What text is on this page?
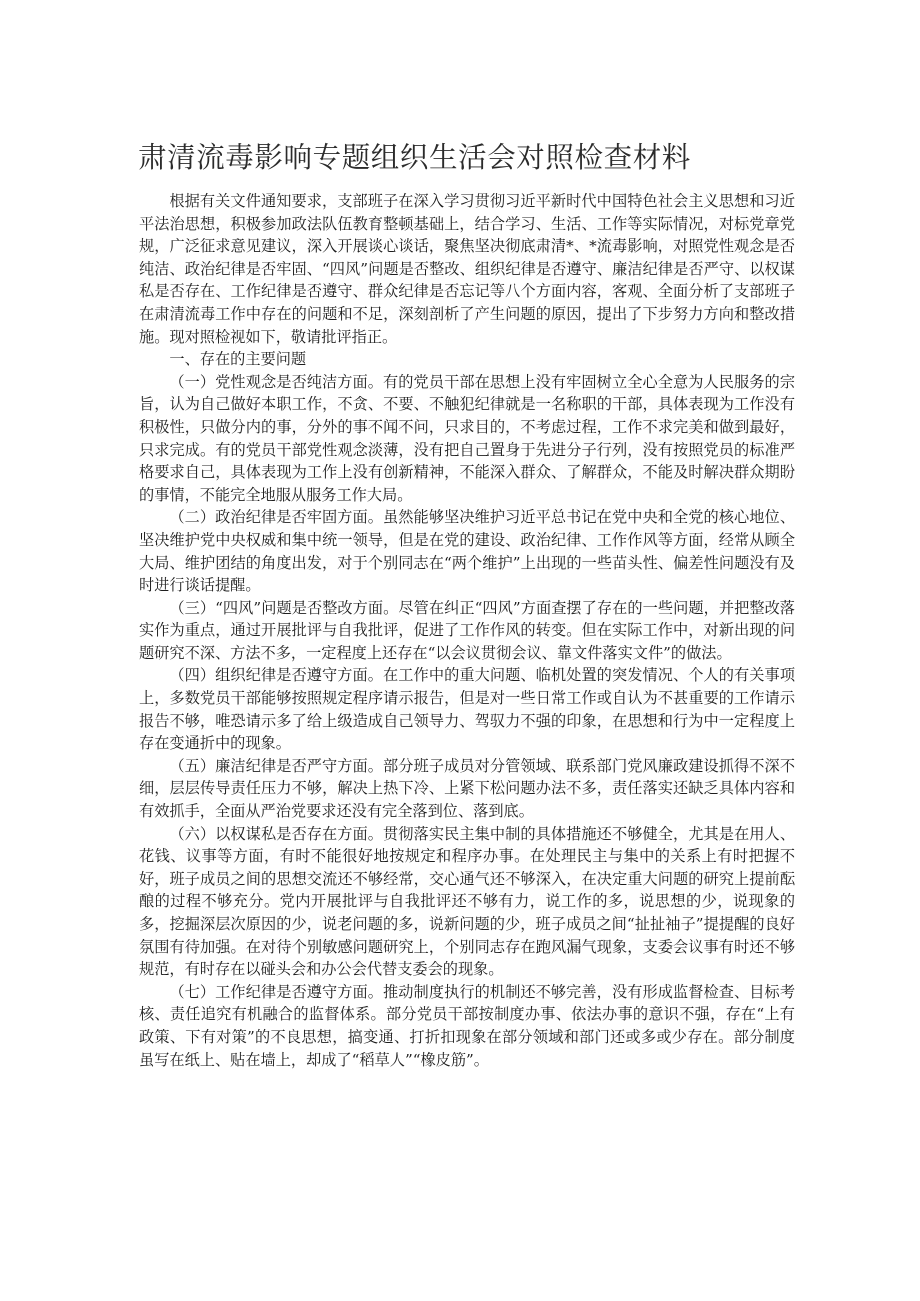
肃清流毒影响专题组织生活会对照检查材料

根据有关文件通知要求，支部班子在深入学习贯彻习近平新时代中国特色社会主义思想和习近平法治思想，积极参加政法队伍教育整顿基础上，结合学习、生活、工作等实际情况，对标党章党规，广泛征求意见建议，深入开展谈心谈话，聚焦坚决彻底肃清*、*流毒影响，对照党性观念是否纯洁、政治纪律是否牢固、“四风”问题是否整改、组织纪律是否遵守、廉洁纪律是否严守、以权谋私是否存在、工作纪律是否遵守、群众纪律是否忘记等八个方面内容，客观、全面分析了支部班子在肃清流毒工作中存在的问题和不足，深刻剖析了产生问题的原因，提出了下步努力方向和整改措施。现对照检视如下，敬请批评指正。

一、存在的主要问题

（一）党性观念是否纯洁方面。有的党员干部在思想上没有牢固树立全心全意为人民服务的宗旨，认为自己做好本职工作，不贪、不要、不触犯纪律就是一名称职的干部，具体表现为工作没有积极性，只做分内的事，分外的事不闻不问，只求目的，不考虑过程，工作不求完美和做到最好，只求完成。有的党员干部党性观念淡薄，没有把自己置身于先进分子行列，没有按照党员的标准严格要求自己，具体表现为工作上没有创新精神，不能深入群众、了解群众，不能及时解决群众期盼的事情，不能完全地服从服务工作大局。

（二）政治纪律是否牢固方面。虽然能够坚决维护习近平总书记在党中央和全党的核心地位、坚决维护党中央权威和集中统一领导，但是在党的建设、政治纪律、工作作风等方面，经常从顾全大局、维护团结的角度出发，对于个别同志在“两个维护”上出现的一些苗头性、偏差性问题没有及时进行谈话提醒。

（三）“四风”问题是否整改方面。尽管在纠正“四风”方面查摆了存在的一些问题，并把整改落实作为重点，通过开展批评与自我批评，促进了工作作风的转变。但在实际工作中，对新出现的问题研究不深、方法不多，一定程度上还存在“以会议贯彻会议、靠文件落实文件”的做法。

（四）组织纪律是否遵守方面。在工作中的重大问题、临机处置的突发情况、个人的有关事项上，多数党员干部能够按照规定程序请示报告，但是对一些日常工作或自认为不甚重要的工作请示报告不够，唯恐请示多了给上级造成自己领导力、驾驭力不强的印象，在思想和行为中一定程度上存在变通折中的现象。

（五）廉洁纪律是否严守方面。部分班子成员对分管领域、联系部门党风廉政建设抓得不深不细，层层传导责任压力不够，解决上热下冷、上紧下松问题办法不多，责任落实还缺乏具体内容和有效抓手，全面从严治党要求还没有完全落到位、落到底。

（六）以权谋私是否存在方面。贯彻落实民主集中制的具体措施还不够健全，尤其是在用人、花钱、议事等方面，有时不能很好地按规定和程序办事。在处理民主与集中的关系上有时把握不好，班子成员之间的思想交流还不够经常，交心通气还不够深入，在决定重大问题的研究上提前酝酿的过程不够充分。党内开展批评与自我批评还不够有力，说工作的多，说思想的少，说现象的多，挖掘深层次原因的少，说老问题的多，说新问题的少，班子成员之间“扯扯袖子”提提醒的良好氛围有待加强。在对待个别敏感问题研究上，个别同志存在跑风漏气现象，支委会议事有时还不够规范，有时存在以碰头会和办公会代替支委会的现象。

（七）工作纪律是否遵守方面。推动制度执行的机制还不够完善，没有形成监督检查、目标考核、责任追究有机融合的监督体系。部分党员干部按制度办事、依法办事的意识不强，存在“上有政策、下有对策”的不良思想，搞变通、打折扣现象在部分领域和部门还或多或少存在。部分制度虽写在纸上、贴在墙上，却成了“稻草人”“橡皮筋”。
